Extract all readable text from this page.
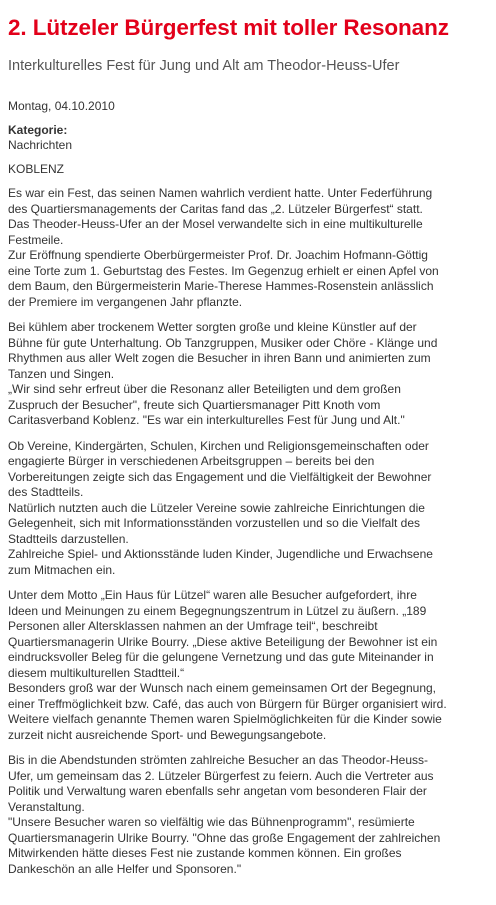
2. Lützeler Bürgerfest mit toller Resonanz
Interkulturelles Fest für Jung und Alt am Theodor-Heuss-Ufer
Montag, 04.10.2010
Kategorie:
Nachrichten
KOBLENZ

Es war ein Fest, das seinen Namen wahrlich verdient hatte. Unter Federführung
des Quartiersmanagements der Caritas fand das „2. Lützeler Bürgerfest“ statt.
Das Theoder-Heuss-Ufer an der Mosel verwandelte sich in eine multikulturelle
Festmeile.
Zur Eröffnung spendierte Oberbürgermeister Prof. Dr. Joachim Hofmann-Göttig
eine Torte zum 1. Geburtstag des Festes. Im Gegenzug erhielt er einen Apfel von
dem Baum, den Bürgermeisterin Marie-Therese Hammes-Rosenstein anlässlich
der Premiere im vergangenen Jahr pflanzte.

Bei kühlem aber trockenem Wetter sorgten große und kleine Künstler auf der
Bühne für gute Unterhaltung. Ob Tanzgruppen, Musiker oder Chöre - Klänge und
Rhythmen aus aller Welt zogen die Besucher in ihren Bann und animierten zum
Tanzen und Singen.
„Wir sind sehr erfreut über die Resonanz aller Beteiligten und dem großen
Zuspruch der Besucher", freute sich Quartiersmanager Pitt Knoth vom
Caritasverband Koblenz. "Es war ein interkulturelles Fest für Jung und Alt."

Ob Vereine, Kindergärten, Schulen, Kirchen und Religionsgemeinschaften oder
engagierte Bürger in verschiedenen Arbeitsgruppen – bereits bei den
Vorbereitungen zeigte sich das Engagement und die Vielfältigkeit der Bewohner
des Stadtteils.
Natürlich nutzten auch die Lützeler Vereine sowie zahlreiche Einrichtungen die
Gelegenheit, sich mit Informationsständen vorzustellen und so die Vielfalt des
Stadtteils darzustellen.
Zahlreiche Spiel- und Aktionsstände luden Kinder, Jugendliche und Erwachsene
zum Mitmachen ein.

Unter dem Motto „Ein Haus für Lützel“ waren alle Besucher aufgefordert, ihre
Ideen und Meinungen zu einem Begegnungszentrum in Lützel zu äußern. „189
Personen aller Altersklassen nahmen an der Umfrage teil“, beschreibt
Quartiersmanagerin Ulrike Bourry. „Diese aktive Beteiligung der Bewohner ist ein
eindrucksvoller Beleg für die gelungene Vernetzung und das gute Miteinander in
diesem multikulturellen Stadtteil.“
Besonders groß war der Wunsch nach einem gemeinsamen Ort der Begegnung,
einer Treffmöglichkeit bzw. Café, das auch von Bürgern für Bürger organisiert wird.
Weitere vielfach genannte Themen waren Spielmöglichkeiten für die Kinder sowie
zurzeit nicht ausreichende Sport- und Bewegungsangebote.

Bis in die Abendstunden strömten zahlreiche Besucher an das Theodor-Heuss-
Ufer, um gemeinsam das 2. Lützeler Bürgerfest zu feiern. Auch die Vertreter aus
Politik und Verwaltung waren ebenfalls sehr angetan vom besonderen Flair der
Veranstaltung.
"Unsere Besucher waren so vielfältig wie das Bühnenprogramm", resümierte
Quartiersmanagerin Ulrike Bourry. "Ohne das große Engagement der zahlreichen
Mitwirkenden hätte dieses Fest nie zustande kommen können. Ein großes
Dankeschön an alle Helfer und Sponsoren."
